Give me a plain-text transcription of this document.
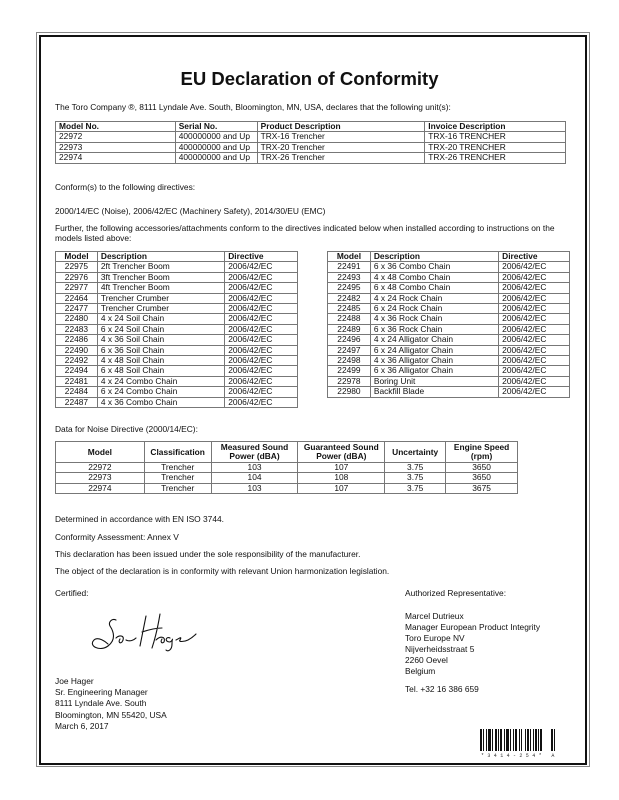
EU Declaration of Conformity
The Toro Company ®, 8111 Lyndale Ave. South, Bloomington, MN, USA, declares that the following unit(s):
Model No.	Serial No.	Product Description	Invoice Description
22972	400000000 and Up	TRX-16 Trencher	TRX-16 TRENCHER
22973	400000000 and Up	TRX-20 Trencher	TRX-20 TRENCHER
22974	400000000 and Up	TRX-26 Trencher	TRX-26 TRENCHER
Conform(s) to the following directives:
2000/14/EC (Noise), 2006/42/EC (Machinery Safety), 2014/30/EU (EMC)
Further, the following accessories/attachments conform to the directives indicated below when installed according to instructions on the models listed above:
Model	Description	Directive
22975	2ft Trencher Boom	2006/42/EC
22976	3ft Trencher Boom	2006/42/EC
22977	4ft Trencher Boom	2006/42/EC
22464	Trencher Crumber	2006/42/EC
22477	Trencher Crumber	2006/42/EC
22480	4 x 24 Soil Chain	2006/42/EC
22483	6 x 24 Soil Chain	2006/42/EC
22486	4 x 36 Soil Chain	2006/42/EC
22490	6 x 36 Soil Chain	2006/42/EC
22492	4 x 48 Soil Chain	2006/42/EC
22494	6 x 48 Soil Chain	2006/42/EC
22481	4 x 24 Combo Chain	2006/42/EC
22484	6 x 24 Combo Chain	2006/42/EC
22487	4 x 36 Combo Chain	2006/42/EC
Model	Description	Directive
22491	6 x 36 Combo Chain	2006/42/EC
22493	4 x 48 Combo Chain	2006/42/EC
22495	6 x 48 Combo Chain	2006/42/EC
22482	4 x 24 Rock Chain	2006/42/EC
22485	6 x 24 Rock Chain	2006/42/EC
22488	4 x 36 Rock Chain	2006/42/EC
22489	6 x 36 Rock Chain	2006/42/EC
22496	4 x 24 Alligator Chain	2006/42/EC
22497	6 x 24 Alligator Chain	2006/42/EC
22498	4 x 36 Alligator Chain	2006/42/EC
22499	6 x 36 Alligator Chain	2006/42/EC
22978	Boring Unit	2006/42/EC
22980	Backfill Blade	2006/42/EC
Data for Noise Directive (2000/14/EC):
Model	Classification	Measured Sound Power (dBA)	Guaranteed Sound Power (dBA)	Uncertainty	Engine Speed (rpm)
22972	Trencher	103	107	3.75	3650
22973	Trencher	104	108	3.75	3650
22974	Trencher	103	107	3.75	3675
Determined in accordance with EN ISO 3744.
Conformity Assessment: Annex V
This declaration has been issued under the sole responsibility of the manufacturer.
The object of the declaration is in conformity with relevant Union harmonization legislation.
Certified:
Joe Hager
Sr. Engineering Manager
8111 Lyndale Ave. South
Bloomington, MN 55420, USA
March 6, 2017
Authorized Representative:
Marcel Dutrieux
Manager European Product Integrity
Toro Europe NV
Nijverheidsstraat 5
2260 Oevel
Belgium
Tel. +32 16 386 659
*3414-254* A
